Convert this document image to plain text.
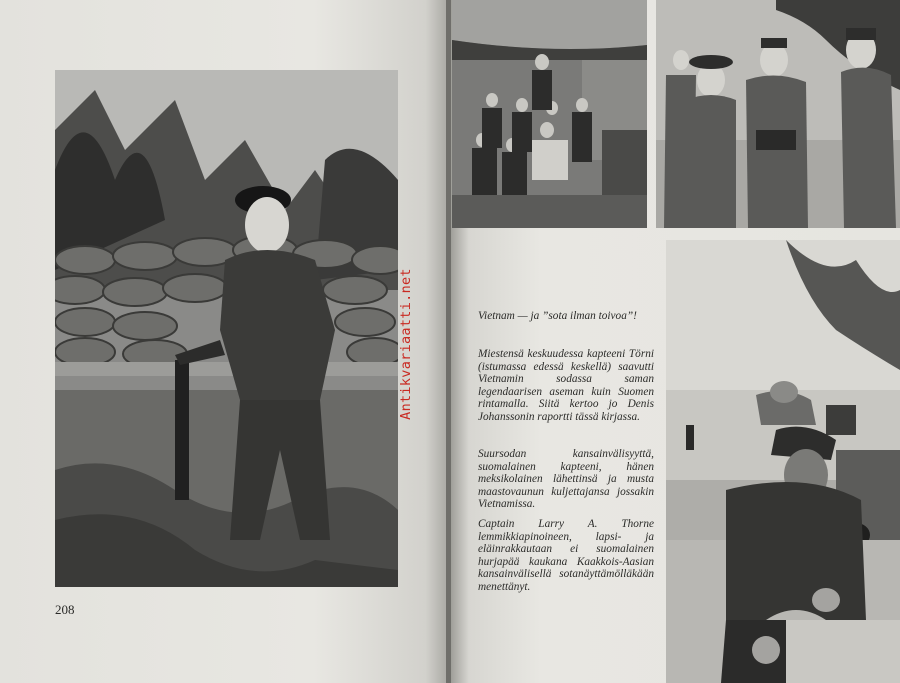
208
Vietnam — ja ”sota ilman toivoa”!
Miestensä keskuudessa kapteeni Törni (istumassa edessä keskellä) saavutti Vietnamin sodassa saman legendaarisen aseman kuin Suomen rintamalla. Siitä kertoo jo Denis Johanssonin raportti tässä kirjassa.
Suursodan kansainvälisyyttä, suomalainen kapteeni, hänen meksikolainen lähettinsä ja musta maastovaunun kuljettajansa jossakin Vietnamissa.
Captain Larry A. Thorne lemmikkiapinoineen, lapsi- ja eläinrakkautaan ei suomalainen hurjapää kaukana Kaakkois-Aasian kansainvälisellä sotanäyttämölläkään menettänyt.
Antikvariaatti.net
